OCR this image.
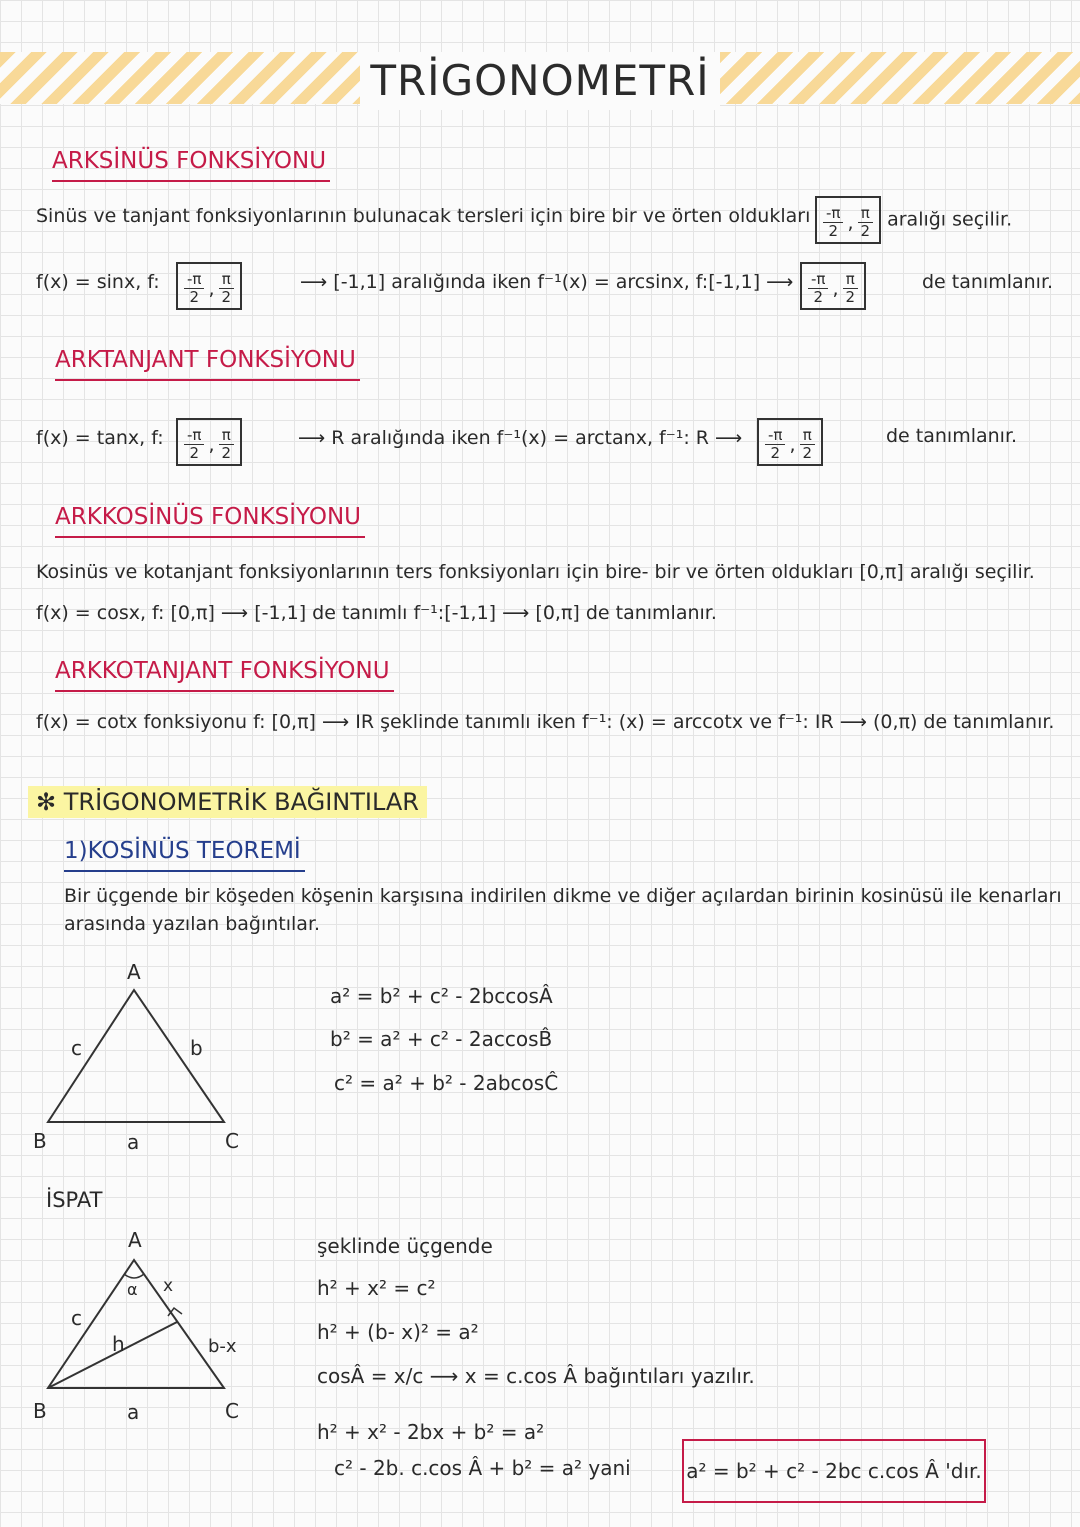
TRİGONOMETRİ
ARKSİNÜS FONKSİYONU
Sinüs ve tanjant fonksiyonlarının bulunacak tersleri için bire bir ve örten oldukları $\frac{-\pi}{2}$ , $\frac{\pi}{2}$ aralığı seçilir.
f(x) = sinx, f: $\frac{-\pi}{2}$ , $\frac{\pi}{2}$	⟶ [-1,1] aralığında iken f⁻¹(x) = arcsinx, f:[-1,1] ⟶ $\frac{-\pi}{2}$ , $\frac{\pi}{2}$	de tanımlanır.
ARKTANJANT FONKSİYONU
f(x) = tanx, f: $\frac{-\pi}{2}$ , $\frac{\pi}{2}$	⟶ R aralığında iken f⁻¹(x) = arctanx, f⁻¹: R ⟶ $\frac{-\pi}{2}$ , $\frac{\pi}{2}$	de tanımlanır.
ARKKOSİNÜS FONKSİYONU
Kosinüs ve kotanjant fonksiyonlarının ters fonksiyonları için bire- bir ve örten oldukları [0,π] aralığı seçilir.
f(x) = cosx, f: [0,π] ⟶ [-1,1] de tanımlı f⁻¹:[-1,1] ⟶ [0,π] de tanımlanır.
ARKKOTANJANT FONKSİYONU
f(x) = cotx fonksiyonu f: [0,π] ⟶ IR şeklinde tanımlı iken f⁻¹: (x) = arccotx ve f⁻¹: IR ⟶ (0,π) de tanımlanır.
✻ TRİGONOMETRİK BAĞINTILAR
1)KOSİNÜS TEOREMİ
Bir üçgende bir köşeden köşenin karşısına indirilen dikme ve diğer açılardan birinin kosinüsü ile kenarları
arasında yazılan bağıntılar.
A
B	C
a
b
c
a² = b² + c² - 2bccosÂ
b² = a² + c² - 2accosB̂
c² = a² + b² - 2abcosĈ
İSPAT
A
B	C
a
c
h
x
b-x
α
şeklinde üçgende
h² + x² = c²
h² + (b- x)² = a²
cosÂ = x/c ⟶ x = c.cos Â bağıntıları yazılır.
h² + x² - 2bx + b² = a²
c² - 2b. c.cos Â + b² = a² yani	a² = b² + c² - 2bc c.cos Â 'dır.
